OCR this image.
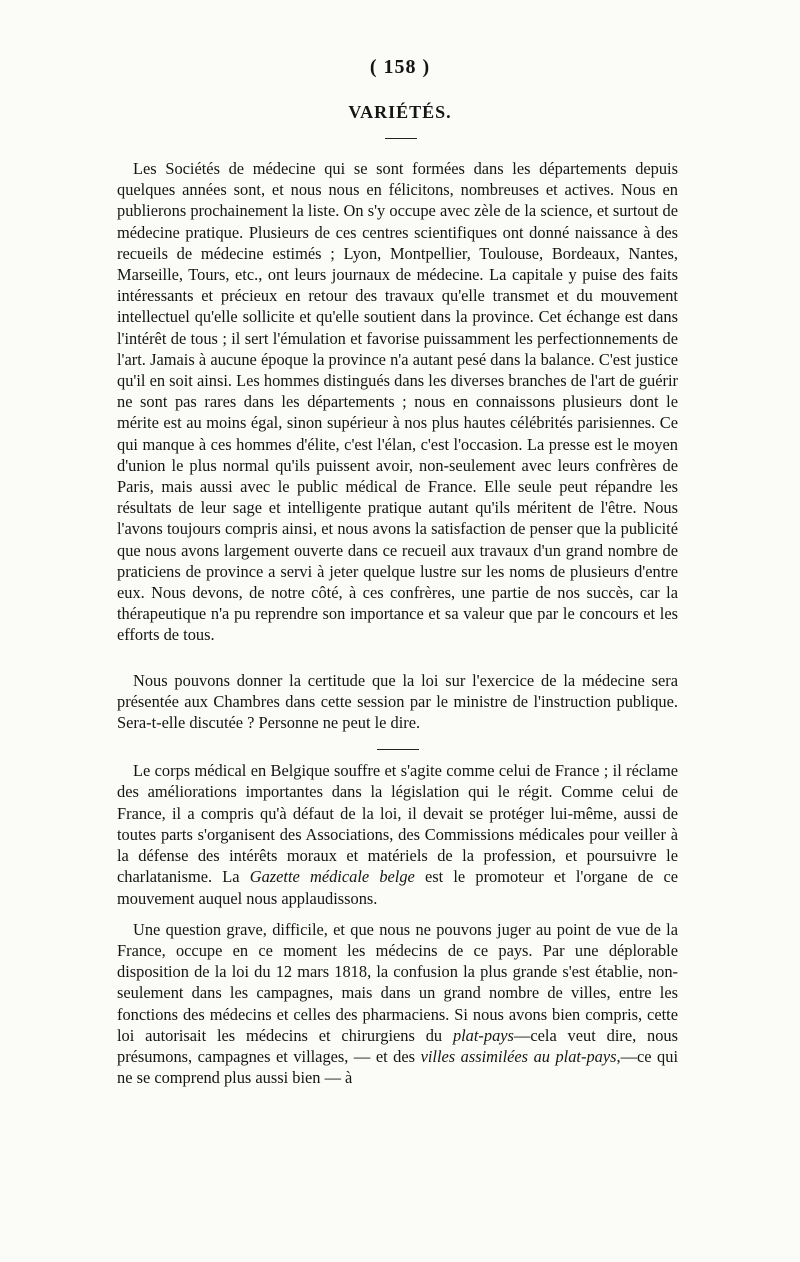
( 158 )
VARIÉTÉS.

Les Sociétés de médecine qui se sont formées dans les départements depuis quelques années sont, et nous nous en félicitons, nombreuses et actives. Nous en publierons prochainement la liste. On s'y occupe avec zèle de la science, et surtout de médecine pratique. Plusieurs de ces centres scientifiques ont donné naissance à des recueils de médecine estimés ; Lyon, Montpellier, Toulouse, Bordeaux, Nantes, Marseille, Tours, etc., ont leurs journaux de médecine. La capitale y puise des faits intéressants et précieux en retour des travaux qu'elle transmet et du mouvement intellectuel qu'elle sollicite et qu'elle soutient dans la province. Cet échange est dans l'intérêt de tous ; il sert l'émulation et favorise puissamment les perfectionnements de l'art. Jamais à aucune époque la province n'a autant pesé dans la balance. C'est justice qu'il en soit ainsi. Les hommes distingués dans les diverses branches de l'art de guérir ne sont pas rares dans les départements ; nous en connaissons plusieurs dont le mérite est au moins égal, sinon supérieur à nos plus hautes célébrités parisiennes. Ce qui manque à ces hommes d'élite, c'est l'élan, c'est l'occasion. La presse est le moyen d'union le plus normal qu'ils puissent avoir, non-seulement avec leurs confrères de Paris, mais aussi avec le public médical de France. Elle seule peut répandre les résultats de leur sage et intelligente pratique autant qu'ils méritent de l'être. Nous l'avons toujours compris ainsi, et nous avons la satisfaction de penser que la publicité que nous avons largement ouverte dans ce recueil aux travaux d'un grand nombre de praticiens de province a servi à jeter quelque lustre sur les noms de plusieurs d'entre eux. Nous devons, de notre côté, à ces confrères, une partie de nos succès, car la thérapeutique n'a pu reprendre son importance et sa valeur que par le concours et les efforts de tous.

Nous pouvons donner la certitude que la loi sur l'exercice de la médecine sera présentée aux Chambres dans cette session par le ministre de l'instruction publique. Sera-t-elle discutée ? Personne ne peut le dire.

Le corps médical en Belgique souffre et s'agite comme celui de France ; il réclame des améliorations importantes dans la législation qui le régit. Comme celui de France, il a compris qu'à défaut de la loi, il devait se protéger lui-même, aussi de toutes parts s'organisent des Associations, des Commissions médicales pour veiller à la défense des intérêts moraux et matériels de la profession, et poursuivre le charlatanisme. La Gazette médicale belge est le promoteur et l'organe de ce mouvement auquel nous applaudissons.

Une question grave, difficile, et que nous ne pouvons juger au point de vue de la France, occupe en ce moment les médecins de ce pays. Par une déplorable disposition de la loi du 12 mars 1818, la confusion la plus grande s'est établie, non-seulement dans les campagnes, mais dans un grand nombre de villes, entre les fonctions des médecins et celles des pharmaciens. Si nous avons bien compris, cette loi autorisait les médecins et chirurgiens du plat-pays—cela veut dire, nous présumons, campagnes et villages, — et des villes assimilées au plat-pays,—ce qui ne se comprend plus aussi bien — à
